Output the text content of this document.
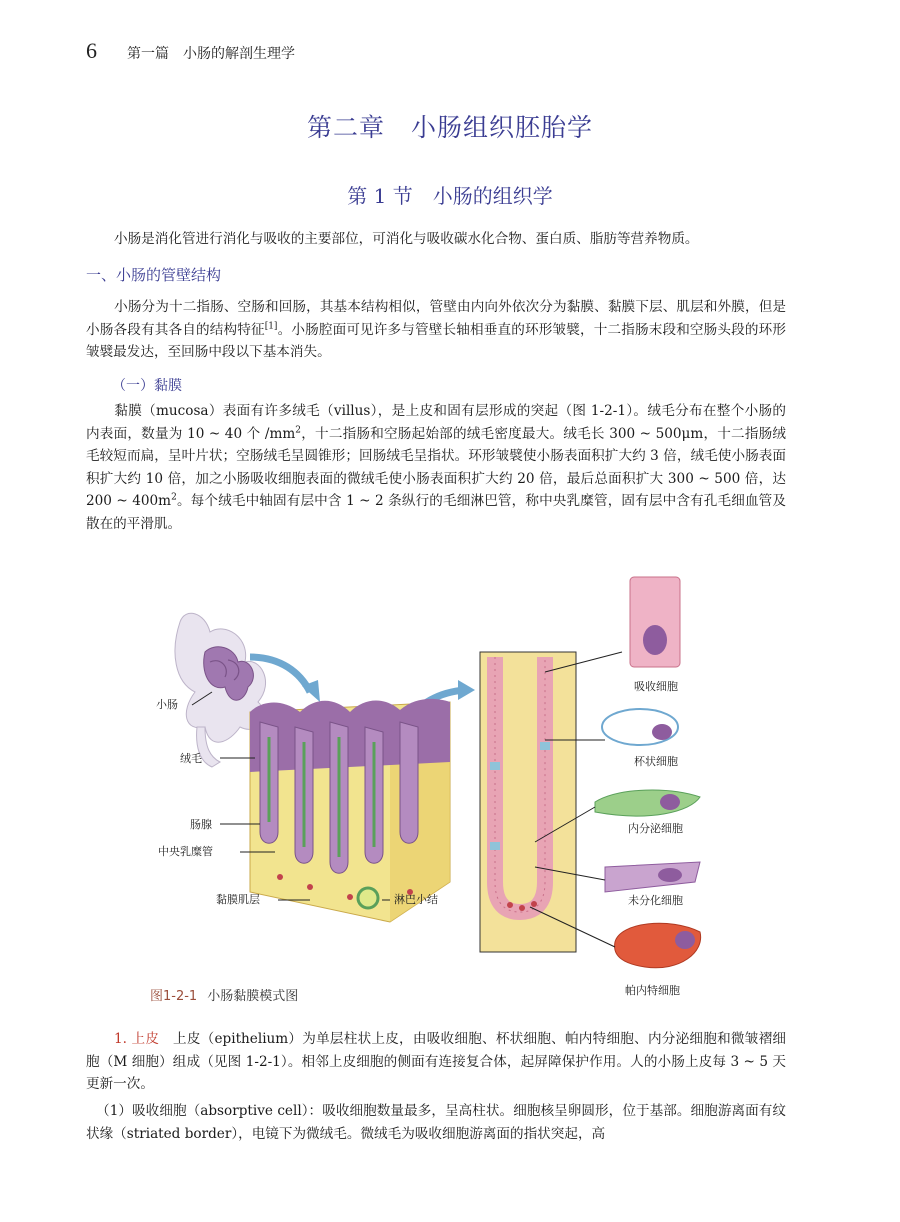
6 第一篇　小肠的解剖生理学
第二章　小肠组织胚胎学
第 1 节　小肠的组织学

小肠是消化管进行消化与吸收的主要部位，可消化与吸收碳水化合物、蛋白质、脂肪等营养物质。

一、小肠的管壁结构

小肠分为十二指肠、空肠和回肠，其基本结构相似，管壁由内向外依次分为黏膜、黏膜下层、肌层和外膜，但是小肠各段有其各自的结构特征[1]。小肠腔面可见许多与管壁长轴相垂直的环形皱襞，十二指肠末段和空肠头段的环形皱襞最发达，至回肠中段以下基本消失。

（一）黏膜

黏膜（mucosa）表面有许多绒毛（villus），是上皮和固有层形成的突起（图 1-2-1）。绒毛分布在整个小肠的内表面，数量为 10 ~ 40 个 $/mm^2$，十二指肠和空肠起始部的绒毛密度最大。绒毛长 300 ~ 500μm，十二指肠绒毛较短而扁，呈叶片状；空肠绒毛呈圆锥形；回肠绒毛呈指状。环形皱襞使小肠表面积扩大约 3 倍，绒毛使小肠表面积扩大约 10 倍，加之小肠吸收细胞表面的微绒毛使小肠表面积扩大约 20 倍，最后总面积扩大 300 ~ 500 倍，达 200 ~ $400m^2$。每个绒毛中轴固有层中含 1 ~ 2 条纵行的毛细淋巴管，称中央乳糜管，固有层中含有孔毛细血管及散在的平滑肌。

小肠
绒毛
肠腺
中央乳糜管
黏膜肌层	淋巴小结
吸收细胞
杯状细胞
内分泌细胞
未分化细胞
帕内特细胞
图1-2-1 小肠黏膜模式图

1. 上皮　 上皮（epithelium）为单层柱状上皮，由吸收细胞、杯状细胞、帕内特细胞、内分泌细胞和微皱褶细胞（M 细胞）组成（见图 1-2-1）。相邻上皮细胞的侧面有连接复合体，起屏障保护作用。人的小肠上皮每 3 ~ 5 天更新一次。

（1）吸收细胞（absorptive cell）：吸收细胞数量最多，呈高柱状。细胞核呈卵圆形，位于基部。细胞游离面有纹状缘（striated border），电镜下为微绒毛。微绒毛为吸收细胞游离面的指状突起，高
